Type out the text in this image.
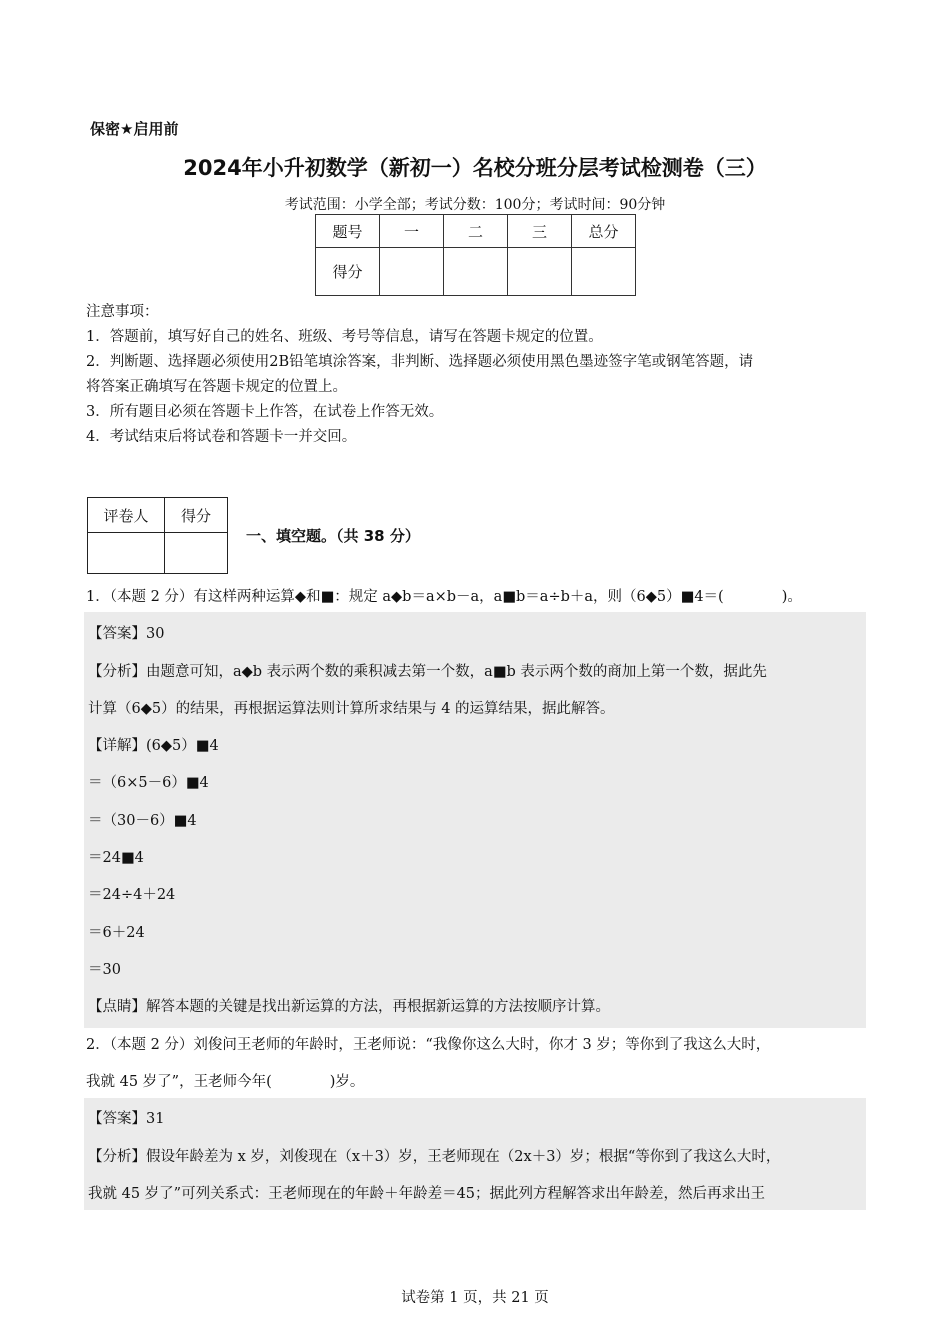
保密★启用前
2024年小升初数学（新初一）名校分班分层考试检测卷（三）
考试范围：小学全部；考试分数：100分；考试时间：90分钟
题号	一	二	三	总分
得分				
注意事项：
1．答题前，填写好自己的姓名、班级、考号等信息，请写在答题卡规定的位置。
2．判断题、选择题必须使用2B铅笔填涂答案，非判断、选择题必须使用黑色墨迹签字笔或钢笔答题，请
将答案正确填写在答题卡规定的位置上。
3．所有题目必须在答题卡上作答，在试卷上作答无效。
4．考试结束后将试卷和答题卡一并交回。
评卷人	得分

一、填空题。（共 38 分）
1．（本题 2 分）有这样两种运算◆和■：规定 a◆b＝a×b－a，a■b＝a÷b＋a，则（6◆5）■4＝(　　　　)。
【答案】30
【分析】由题意可知，a◆b 表示两个数的乘积减去第一个数，a■b 表示两个数的商加上第一个数，据此先
计算（6◆5）的结果，再根据运算法则计算所求结果与 4 的运算结果，据此解答。
【详解】(6◆5）■4
＝（6×5－6）■4
＝（30－6）■4
＝24■4
＝24÷4＋24
＝6＋24
＝30
【点睛】解答本题的关键是找出新运算的方法，再根据新运算的方法按顺序计算。
2．（本题 2 分）刘俊问王老师的年龄时，王老师说：“我像你这么大时，你才 3 岁；等你到了我这么大时，
我就 45 岁了”，王老师今年(　　　　)岁。
【答案】31
【分析】假设年龄差为 x 岁，刘俊现在（x＋3）岁，王老师现在（2x＋3）岁；根据“等你到了我这么大时，
我就 45 岁了”可列关系式：王老师现在的年龄＋年龄差＝45；据此列方程解答求出年龄差，然后再求出王
试卷第 1 页，共 21 页
